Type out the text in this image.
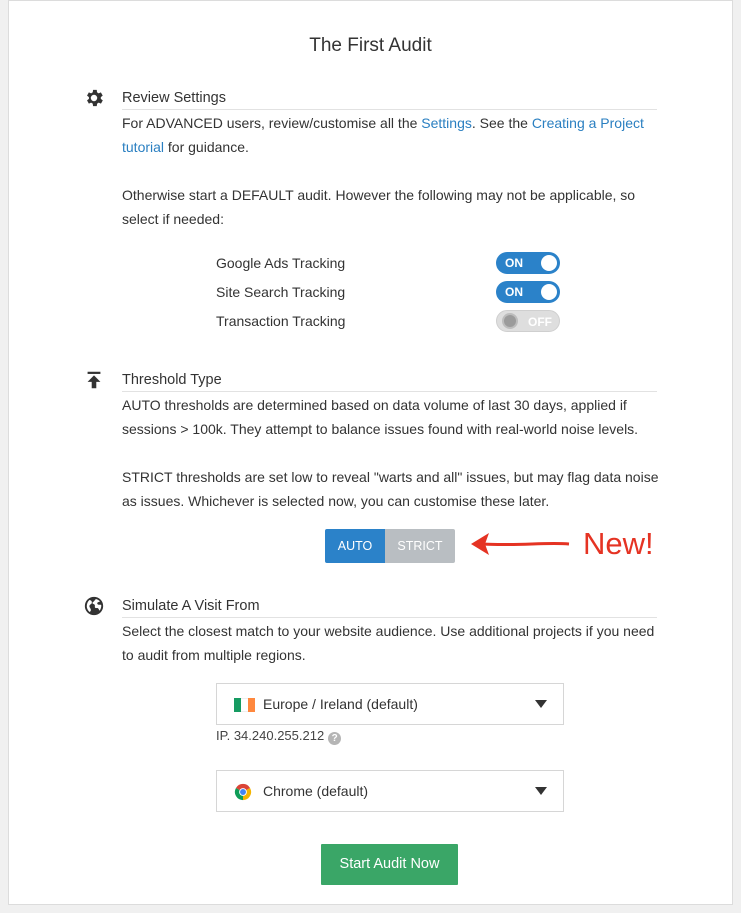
The First Audit
Review Settings
For ADVANCED users, review/customise all the Settings. See the Creating a Project tutorial for guidance.
Otherwise start a DEFAULT audit. However the following may not be applicable, so select if needed:
Google Ads Tracking	ON
Site Search Tracking	ON
Transaction Tracking	OFF
Threshold Type
AUTO thresholds are determined based on data volume of last 30 days, applied if sessions > 100k. They attempt to balance issues found with real-world noise levels.
STRICT thresholds are set low to reveal "warts and all" issues, but may flag data noise as issues. Whichever is selected now, you can customise these later.
AUTO	STRICT	New!
Simulate A Visit From
Select the closest match to your website audience. Use additional projects if you need to audit from multiple regions.
Europe / Ireland (default)
IP. 34.240.255.212 ?
Chrome (default)
Start Audit Now
